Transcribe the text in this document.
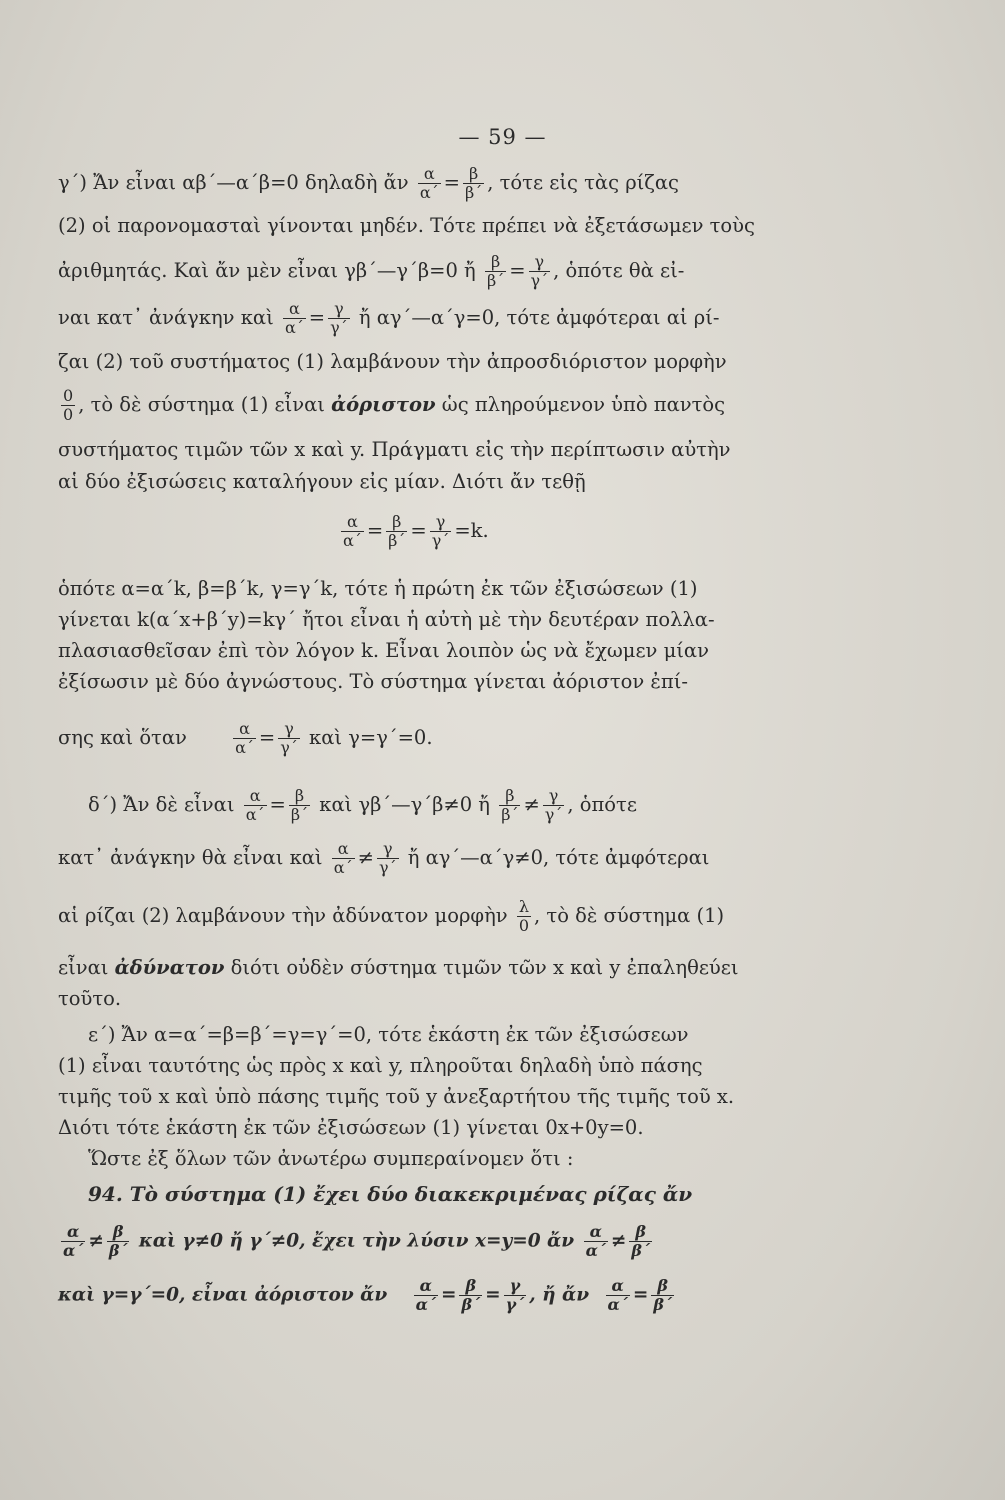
— 59 —
γ΄) Ἄν εἶναι αβ΄—α΄β=0 δηλαδὴ ἄν $\frac{\alpha}{\alpha΄} = \frac{\beta}{\beta΄}$ , τότε εἰς τὰς ρίζας
(2) οἱ παρονομασταὶ γίνονται μηδέν. Τότε πρέπει νὰ ἐξετάσωμεν τοὺς
ἀριθμητάς. Καὶ ἄν μὲν εἶναι γβ΄—γ΄β=0 ἤ $\frac{\beta}{\beta΄} = \frac{\gamma}{\gamma΄}$ , ὁπότε θὰ εἰ-
ναι κατ᾿ ἀνάγκην καὶ $\frac{\alpha}{\alpha΄} = \frac{\gamma}{\gamma΄}$ ἤ αγ΄—α΄γ=0, τότε ἀμφότεραι αἱ ρί-
ζαι (2) τοῦ συστήματος (1) λαμβάνουν τὴν ἀπροσδιόριστον μορφὴν
$\frac{0}{0}$ , τὸ δὲ σύστημα (1) εἶναι ἀόριστον ὡς πληρούμενον ὑπὸ παντὸς
συστήματος τιμῶν τῶν x καὶ y. Πράγματι εἰς τὴν περίπτωσιν αὐτὴν
αἱ δύο ἐξισώσεις καταλήγουν εἰς μίαν. Διότι ἄν τεθῇ
$\frac{\alpha}{\alpha΄} = \frac{\beta}{\beta΄} = \frac{\gamma}{\gamma΄} =k$.
ὁπότε α=α΄k, β=β΄k, γ=γ΄k, τότε ἡ πρώτη ἐκ τῶν ἐξισώσεων (1)
γίνεται k(α΄x+β΄y)=kγ΄ ἤτοι εἶναι ἡ αὐτὴ μὲ τὴν δευτέραν πολλα-
πλασιασθεῖσαν ἐπὶ τὸν λόγον k. Εἶναι λοιπὸν ὡς νὰ ἔχωμεν μίαν
ἐξίσωσιν μὲ δύο ἀγνώστους. Τὸ σύστημα γίνεται ἀόριστον ἐπί-
σης καὶ ὅταν	$\frac{\alpha}{\alpha΄} = \frac{\gamma}{\gamma΄}$ καὶ γ=γ΄=0.
δ΄) Ἄν δὲ εἶναι $\frac{\alpha}{\alpha΄} = \frac{\beta}{\beta΄}$ καὶ γβ΄—γ΄β≠0 ἤ $\frac{\beta}{\beta΄} \ne \frac{\gamma}{\gamma΄}$ , ὁπότε
κατ᾿ ἀνάγκην θὰ εἶναι καὶ $\frac{\alpha}{\alpha΄} \ne \frac{\gamma}{\gamma΄}$ ἤ αγ΄—α΄γ≠0, τότε ἀμφότεραι
αἱ ρίζαι (2) λαμβάνουν τὴν ἀδύνατον μορφὴν $\frac{\lambda}{0}$ , τὸ δὲ σύστημα (1)
εἶναι ἀδύνατον διότι οὐδὲν σύστημα τιμῶν τῶν x καὶ y ἐπαληθεύει
τοῦτο.
ε΄) Ἄν α=α΄=β=β΄=γ=γ΄=0, τότε ἑκάστη ἐκ τῶν ἐξισώσεων
(1) εἶναι ταυτότης ὡς πρὸς x καὶ y, πληροῦται δηλαδὴ ὑπὸ πάσης
τιμῆς τοῦ x καὶ ὑπὸ πάσης τιμῆς τοῦ y ἀνεξαρτήτου τῆς τιμῆς τοῦ x.
Διότι τότε ἑκάστη ἐκ τῶν ἐξισώσεων (1) γίνεται 0x+0y=0.
Ὥστε ἐξ ὅλων τῶν ἀνωτέρω συμπεραίνομεν ὅτι :
94. Τὸ σύστημα (1) ἔχει δύο διακεκριμένας ρίζας ἄν
$\frac{\alpha}{\alpha΄} \ne \frac{\beta}{\beta΄}$ καὶ γ≠0 ἤ γ΄≠0, ἔχει τὴν λύσιν x=y=0 ἄν $\frac{\alpha}{\alpha΄} \ne \frac{\beta}{\beta΄}$
καὶ γ=γ΄=0, εἶναι ἀόριστον ἄν $\frac{\alpha}{\alpha΄} = \frac{\beta}{\beta΄} = \frac{\gamma}{\gamma΄}$ , ἤ ἄν $\frac{\alpha}{\alpha΄} = \frac{\beta}{\beta΄}$
